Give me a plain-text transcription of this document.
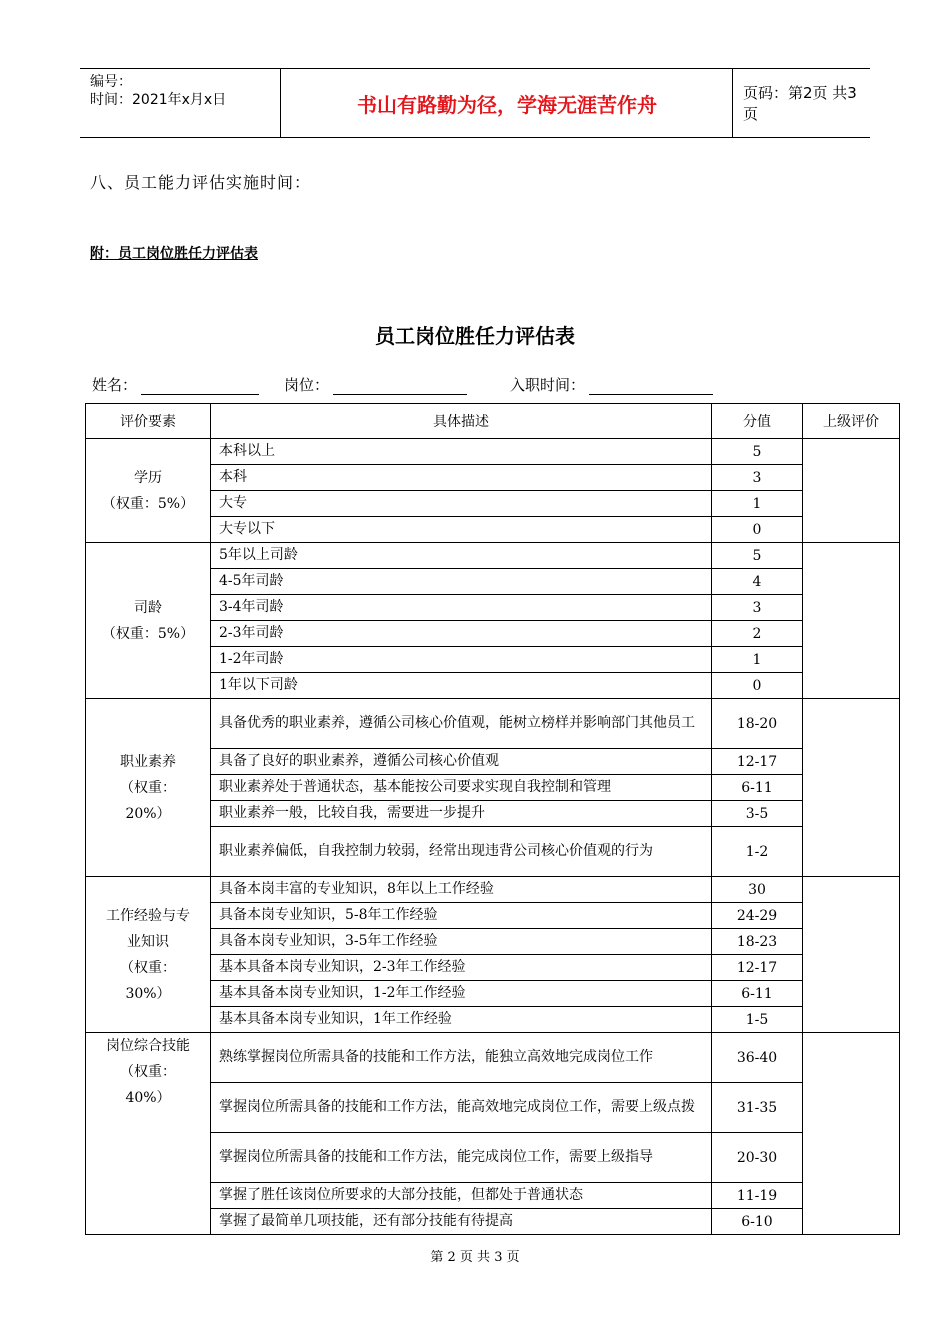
编号：
时间：2021年x月x日	书山有路勤为径，学海无涯苦作舟	页码：第2页 共3页
八、员工能力评估实施时间：
附：员工岗位胜任力评估表
员工岗位胜任力评估表
姓名：	岗位：	入职时间：
评价要素	具体描述	分值	上级评价

学历
（权重：5%）	本科以上	5	
	本科	3	
	大专	1	
	大专以下	0	

司龄
（权重：5%）	5年以上司龄	5	
	4-5年司龄	4	
	3-4年司龄	3	
	2-3年司龄	2	
	1-2年司龄	1	
	1年以下司龄	0	

职业素养
（权重：
20%）	具备优秀的职业素养，遵循公司核心价值观，能树立榜样并影响部门其他员工	18-20	
	具备了良好的职业素养，遵循公司核心价值观	12-17	
	职业素养处于普通状态，基本能按公司要求实现自我控制和管理	6-11	
	职业素养一般，比较自我，需要进一步提升	3-5	
	职业素养偏低，自我控制力较弱，经常出现违背公司核心价值观的行为	1-2	

工作经验与专
业知识
（权重：
30%）	具备本岗丰富的专业知识，8年以上工作经验	30	
	具备本岗专业知识，5-8年工作经验	24-29	
	具备本岗专业知识，3-5年工作经验	18-23	
	基本具备本岗专业知识，2-3年工作经验	12-17	
	基本具备本岗专业知识，1-2年工作经验	6-11	
	基本具备本岗专业知识，1年工作经验	1-5	

岗位综合技能
（权重：
40%）	熟练掌握岗位所需具备的技能和工作方法，能独立高效地完成岗位工作	36-40	
	掌握岗位所需具备的技能和工作方法，能高效地完成岗位工作，需要上级点拨	31-35	
	掌握岗位所需具备的技能和工作方法，能完成岗位工作，需要上级指导	20-30	
	掌握了胜任该岗位所要求的大部分技能，但都处于普通状态	11-19	
	掌握了最简单几项技能，还有部分技能有待提高	6-10	
第 2 页 共 3 页
